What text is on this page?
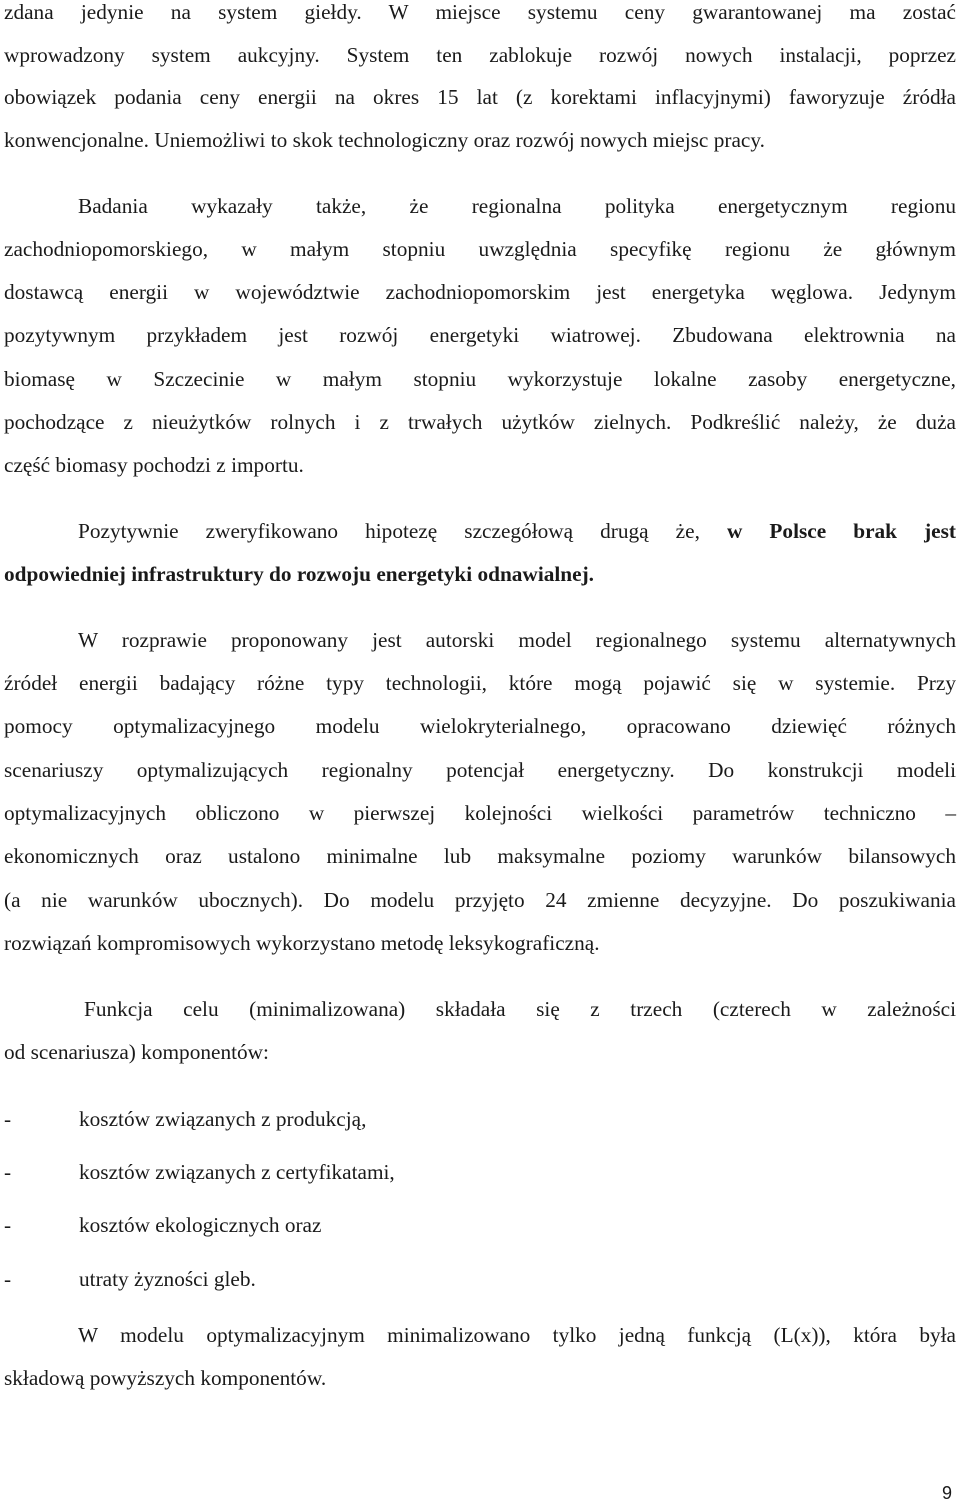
zdana jedynie na system giełdy. W miejsce systemu ceny gwarantowanej ma zostać
wprowadzony system aukcyjny. System ten zablokuje rozwój nowych instalacji, poprzez
obowiązek podania ceny energii na okres 15 lat (z korektami inflacyjnymi) faworyzuje źródła
konwencjonalne. Uniemożliwi to skok technologiczny oraz rozwój nowych miejsc pracy.
Badania wykazały także, że regionalna polityka energetycznym regionu
zachodniopomorskiego, w małym stopniu uwzględnia specyfikę regionu że głównym
dostawcą energii w województwie zachodniopomorskim jest energetyka węglowa. Jedynym
pozytywnym przykładem jest rozwój energetyki wiatrowej. Zbudowana elektrownia na
biomasę w Szczecinie w małym stopniu wykorzystuje lokalne zasoby energetyczne,
pochodzące z nieużytków rolnych i z trwałych użytków zielnych. Podkreślić należy, że duża
część biomasy pochodzi z importu.
Pozytywnie zweryfikowano hipotezę szczegółową drugą że, w Polsce brak jest
odpowiedniej infrastruktury do rozwoju energetyki odnawialnej.
W rozprawie proponowany jest autorski model regionalnego systemu alternatywnych
źródeł energii badający różne typy technologii, które mogą pojawić się w systemie. Przy
pomocy optymalizacyjnego modelu wielokryterialnego, opracowano dziewięć różnych
scenariuszy optymalizujących regionalny potencjał energetyczny. Do konstrukcji modeli
optymalizacyjnych obliczono w pierwszej kolejności wielkości parametrów techniczno –
ekonomicznych oraz ustalono minimalne lub maksymalne poziomy warunków bilansowych
(a nie warunków ubocznych). Do modelu przyjęto 24 zmienne decyzyjne. Do poszukiwania
rozwiązań kompromisowych wykorzystano metodę leksykograficzną.
Funkcja celu (minimalizowana) składała się z trzech (czterech w zależności
od scenariusza) komponentów:
-	kosztów związanych z produkcją,
-	kosztów związanych z certyfikatami,
-	kosztów ekologicznych oraz
-	utraty żyzności gleb.
W modelu optymalizacyjnym minimalizowano tylko jedną funkcją (L(x)), która była
składową powyższych komponentów.
9
